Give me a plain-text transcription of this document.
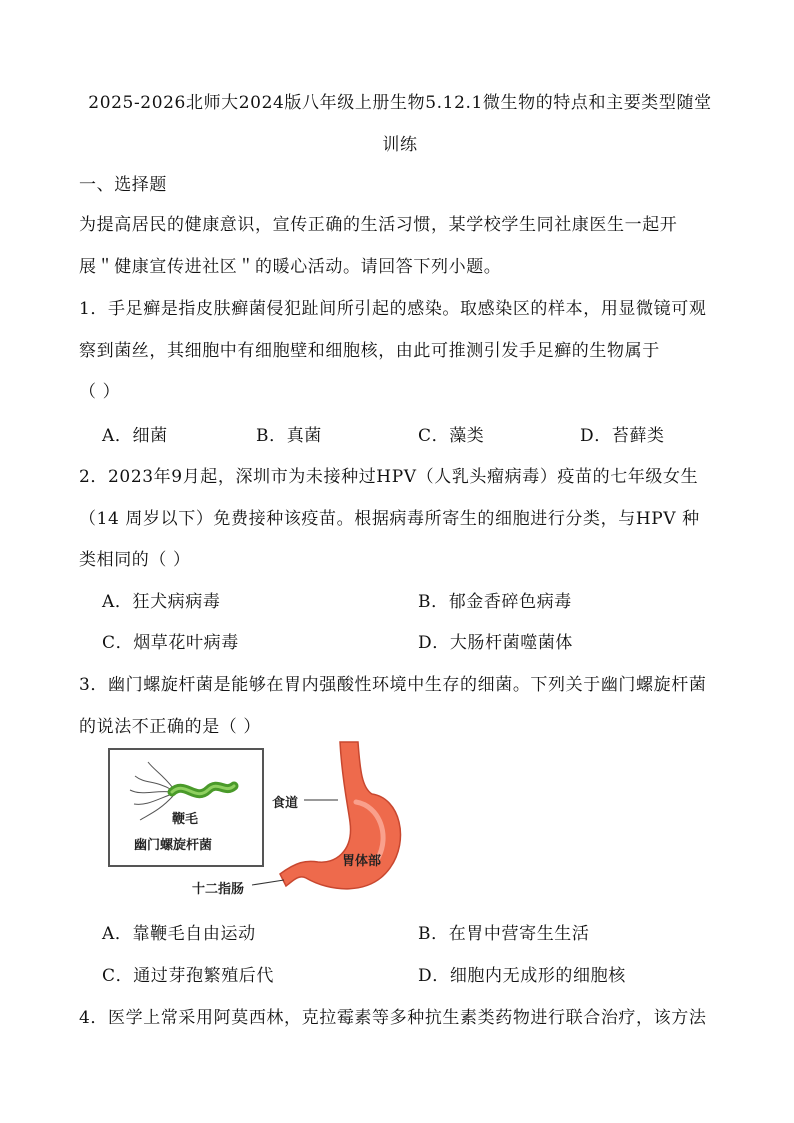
2025-2026北师大2024版八年级上册生物5.12.1微生物的特点和主要类型随堂
训练
一、选择题
为提高居民的健康意识，宣传正确的生活习惯，某学校学生同社康医生一起开
展＂健康宣传进社区＂的暖心活动。请回答下列小题。
1．手足癣是指皮肤癣菌侵犯趾间所引起的感染。取感染区的样本，用显微镜可观
察到菌丝，其细胞中有细胞壁和细胞核，由此可推测引发手足癣的生物属于
（ ）
A．细菌	B．真菌	C．藻类	D．苔藓类
2．2023年9月起，深圳市为未接种过HPV（人乳头瘤病毒）疫苗的七年级女生
（14 周岁以下）免费接种该疫苗。根据病毒所寄生的细胞进行分类，与HPV 种
类相同的（ ）
A．狂犬病病毒	B．郁金香碎色病毒
C．烟草花叶病毒	D．大肠杆菌噬菌体
3．幽门螺旋杆菌是能够在胃内强酸性环境中生存的细菌。下列关于幽门螺旋杆菌
的说法不正确的是（ ）
鞭毛
幽门螺旋杆菌
食道
胃体部
十二指肠
A．靠鞭毛自由运动	B．在胃中营寄生生活
C．通过芽孢繁殖后代	D．细胞内无成形的细胞核
4．医学上常采用阿莫西林，克拉霉素等多种抗生素类药物进行联合治疗，该方法
